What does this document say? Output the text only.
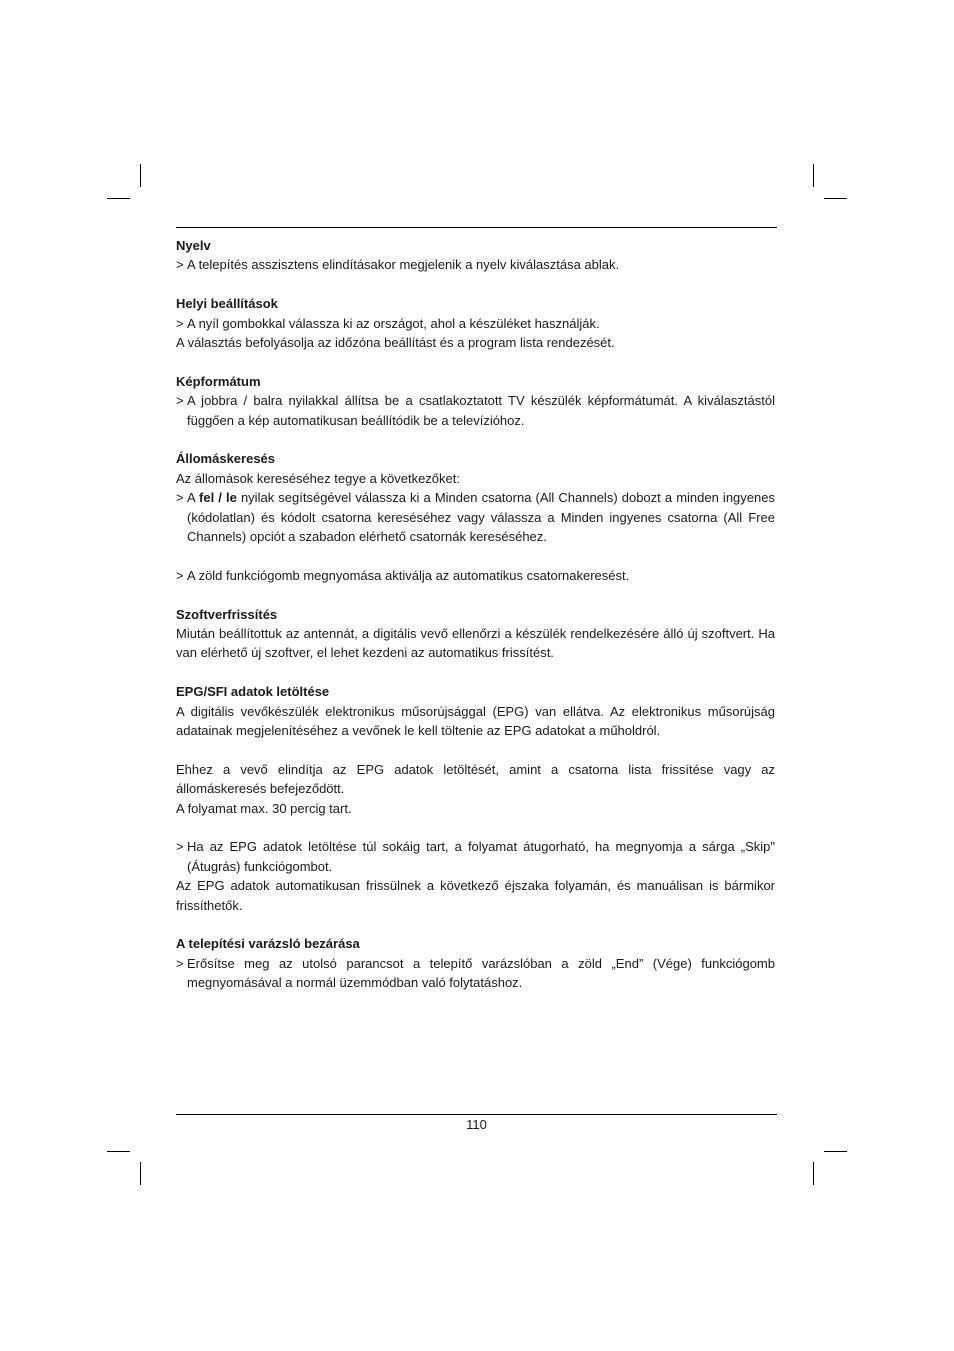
Nyelv
> A telepítés asszisztens elindításakor megjelenik a nyelv kiválasztása ablak.
Helyi beállítások
> A nyíl gombokkal válassza ki az országot, ahol a készüléket használják.

A választás befolyásolja az időzóna beállítást és a program lista rendezését.

Képformátum
> A jobbra / balra nyilakkal állítsa be a csatlakoztatott TV készülék képformátumát. A kiválasztástól függően a kép automatikusan beállítódik be a televízióhoz.
Állomáskeresés

Az állomások kereséséhez tegye a következőket:

> A fel / le nyilak segítségével válassza ki a Minden csatorna (All Channels) dobozt a minden ingyenes (kódolatlan) és kódolt csatorna kereséséhez vagy válassza a Minden ingyenes csatorna (All Free Channels) opciót a szabadon elérhető csatornák kereséséhez.
> A zöld funkciógomb megnyomása aktiválja az automatikus csatornakeresést.
Szoftverfrissítés

Miután beállítottuk az antennát, a digitális vevő ellenőrzi a készülék rendelkezésére álló új szoftvert. Ha van elérhető új szoftver, el lehet kezdeni az automatikus frissítést.

EPG/SFI adatok letöltése

A digitális vevőkészülék elektronikus műsorújsággal (EPG) van ellátva. Az elektronikus műsorújság adatainak megjelenítéséhez a vevőnek le kell töltenie az EPG adatokat a műholdról.

Ehhez a vevő elindítja az EPG adatok letöltését, amint a csatorna lista frissítése vagy az állomáskeresés befejeződött.

A folyamat max. 30 percig tart.

> Ha az EPG adatok letöltése túl sokáig tart, a folyamat átugorható, ha megnyomja a sárga „Skip" (Átugrás) funkciógombot.

Az EPG adatok automatikusan frissülnek a következő éjszaka folyamán, és manuálisan is bármikor frissíthetők.

A telepítési varázsló bezárása
> Erősítse meg az utolsó parancsot a telepítő varázslóban a zöld „End” (Vége) funkciógomb megnyomásával a normál üzemmódban való folytatáshoz.
110
